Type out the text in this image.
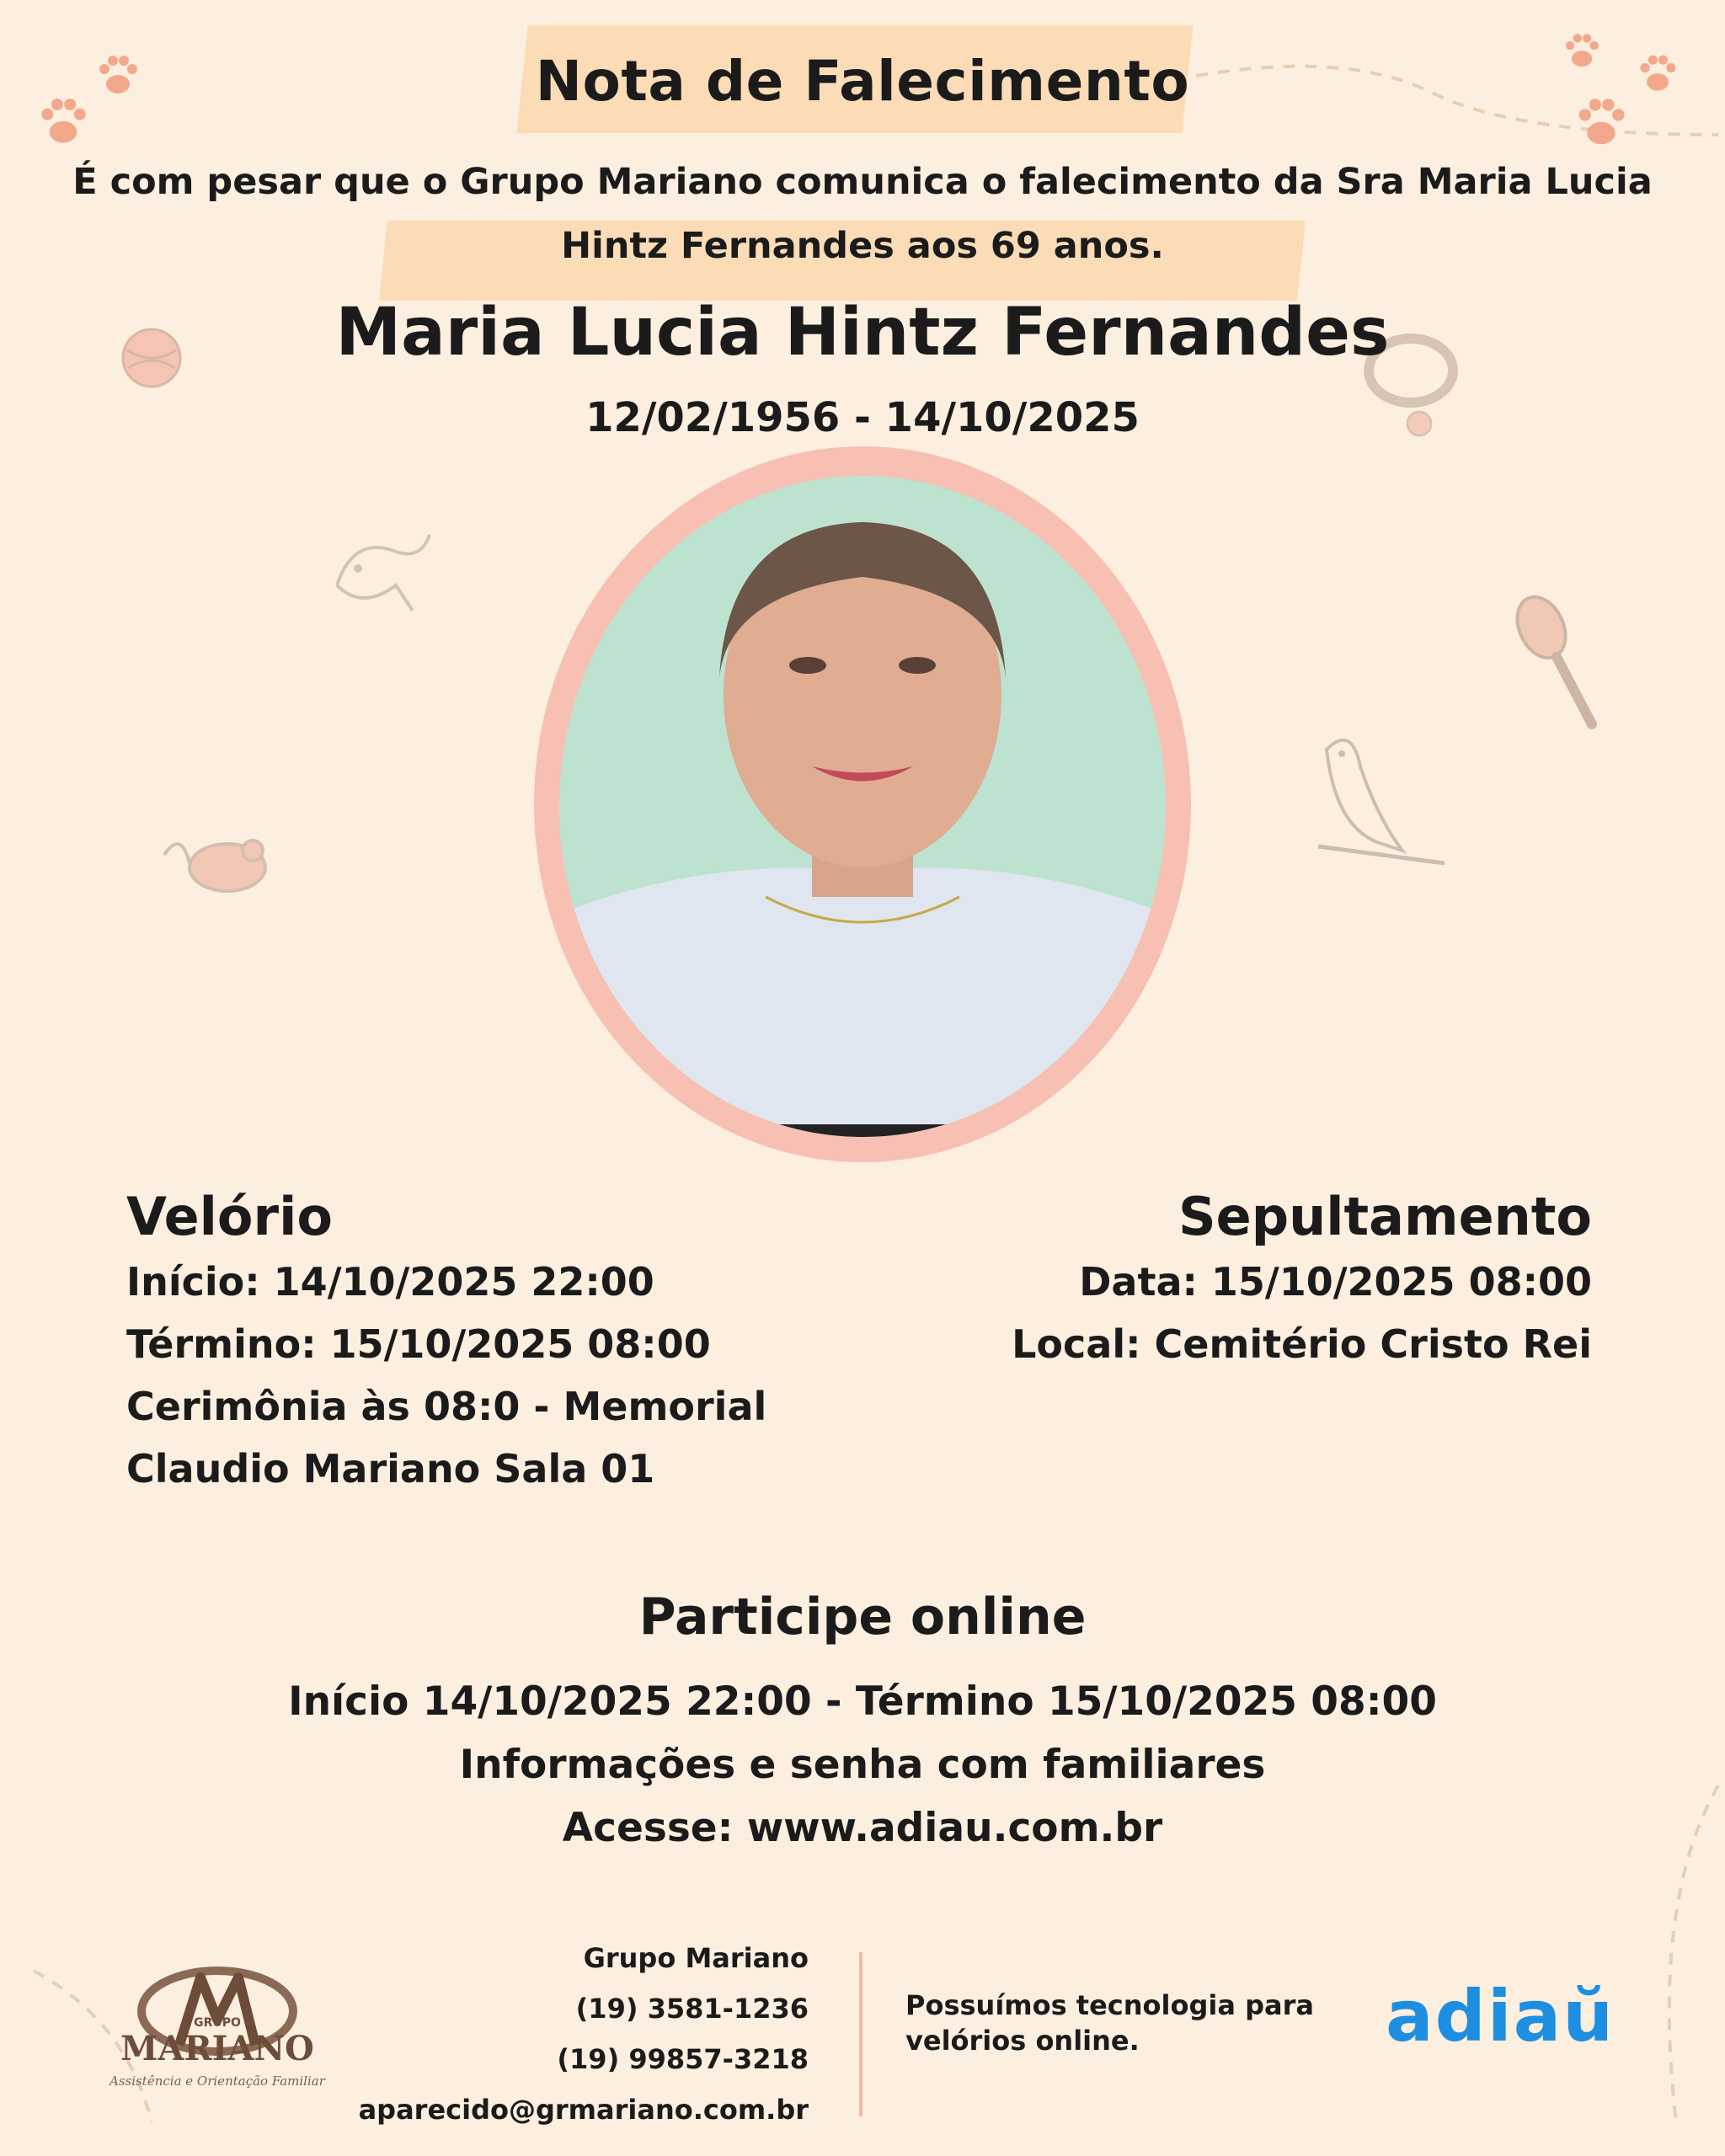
Nota de Falecimento
É com pesar que o Grupo Mariano comunica o falecimento da Sra Maria Lucia Hintz Fernandes aos 69 anos.
Maria Lucia Hintz Fernandes
12/02/1956 - 14/10/2025
Velório
Início: 14/10/2025 22:00
Término: 15/10/2025 08:00
Cerimônia às 08:0 - Memorial
Claudio Mariano Sala 01
Sepultamento
Data: 15/10/2025 08:00
Local: Cemitério Cristo Rei
Participe online
Início 14/10/2025 22:00 - Término 15/10/2025 08:00
Informações e senha com familiares
Acesse: www.adiau.com.br
GRUPO
MARIANO
Assistência e Orientação Familiar
Grupo Mariano
(19) 3581-1236
(19) 99857-3218
aparecido@grmariano.com.br
Possuímos tecnologia para velórios online.	adiaŭ
